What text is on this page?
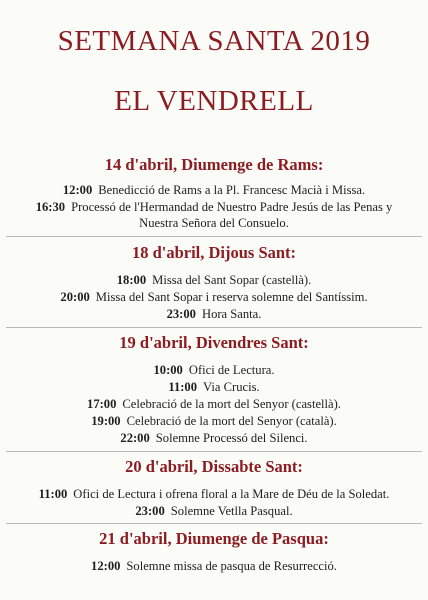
SETMANA SANTA 2019
EL VENDRELL
14 d'abril, Diumenge de Rams:
12:00 Benedicció de Rams a la Pl. Francesc Macià i Missa.
16:30 Processó de l'Hermandad de Nuestro Padre Jesús de las Penas y
Nuestra Señora del Consuelo.
18 d'abril, Dijous Sant:
18:00 Missa del Sant Sopar (castellà).
20:00 Missa del Sant Sopar i reserva solemne del Santíssim.
23:00 Hora Santa.
19 d'abril, Divendres Sant:
10:00 Ofici de Lectura.
11:00 Via Crucis.
17:00 Celebració de la mort del Senyor (castellà).
19:00 Celebració de la mort del Senyor (català).
22:00 Solemne Processó del Silenci.
20 d'abril, Dissabte Sant:
11:00 Ofici de Lectura i ofrena floral a la Mare de Déu de la Soledat.
23:00 Solemne Vetlla Pasqual.
21 d'abril, Diumenge de Pasqua:
12:00 Solemne missa de pasqua de Resurrecció.
